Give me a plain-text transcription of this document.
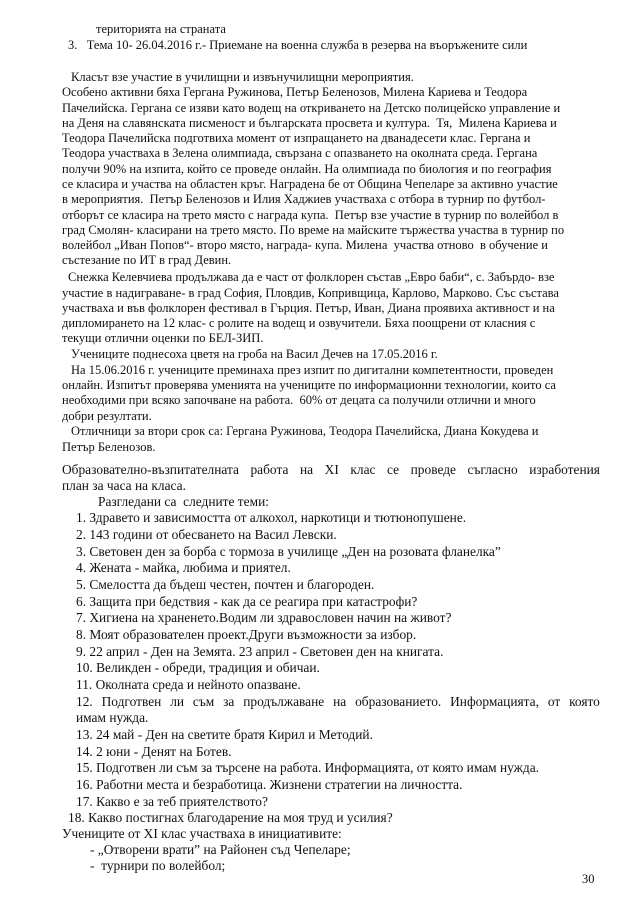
територията на страната
3.   Тема 10- 26.04.2016 г.- Приемане на военна служба в резерва на въоръжените сили
Класът взе участие в училищни и извънучилищни мероприятия.
Особено активни бяха Гергана Ружинова, Петър Беленозов, Милена Кариева и Теодора
Пачелийска. Гергана се изяви като водещ на откриването на Детско полицейско управление и
на Деня на славянската писменост и българската просвета и култура.  Тя,  Милена Кариева и
Теодора Пачелийска подготвиха момент от изпращането на дванадесети клас. Гергана и
Теодора участваха в Зелена олимпиада, свързана с опазването на околната среда. Гергана
получи 90% на изпита, който се проведе онлайн. На олимпиада по биология и по география
се класира и участва на областен кръг. Наградена бе от Община Чепеларе за активно участие
в мероприятия.  Петър Беленозов и Илия Хаджиев участваха с отбора в турнир по футбол-
отборът се класира на трето място с награда купа.  Петър взе участие в турнир по волейбол в
град Смолян- класирани на трето място. По време на майските тържества участва в турнир по
волейбол „Иван Попов“- второ място, награда- купа. Милена  участва отново  в обучение и
състезание по ИТ в град Девин.
Снежка Келевчиева продължава да е част от фолклорен състав „Евро баби“, с. Забърдо- взе
участие в надиграване- в град София, Пловдив, Копривщица, Карлово, Марково. Със състава
участваха и във фолклорен фестивал в Гърция. Петър, Иван, Диана проявиха активност и на
дипломирането на 12 клас- с ролите на водещ и озвучители. Бяха поощрени от класния с
текущи отлични оценки по БЕЛ-ЗИП.
Учениците поднесоха цветя на гроба на Васил Дечев на 17.05.2016 г.
На 15.06.2016 г. учениците преминаха през изпит по дигитални компетентности, проведен
онлайн. Изпитът проверява уменията на учениците по информационни технологии, които са
необходими при всяко започване на работа.  60% от децата са получили отлични и много
добри резултати.
Отличници за втори срок са: Гергана Ружинова, Теодора Пачелийска, Диана Кокудева и
Петър Беленозов.
Образователно-възпитателната работа на XI клас се проведе съгласно изработения
план за часа на класа.
Разгледани са  следните теми:
1. Здравето и зависимостта от алкохол, наркотици и тютюнопушене.
2. 143 години от обесването на Васил Левски.
3. Световен ден за борба с тормоза в училище „Ден на розовата фланелка”
4. Жената - майка, любима и приятел.
5. Смелостта да бъдеш честен, почтен и благороден.
6. Защита при бедствия - как да се реагира при катастрофи?
7. Хигиена на храненето.Водим ли здравословен начин на живот?
8. Моят образователен проект.Други възможности за избор.
9. 22 април - Ден на Земята. 23 април - Световен ден на книгата.
10. Великден - обреди, традиция и обичаи.
11. Околната среда и нейното опазване.
12. Подготвен ли съм за продължаване на образованието. Информацията, от която
имам нужда.
13. 24 май - Ден на светите братя Кирил и Методий.
14. 2 юни - Денят на Ботев.
15. Подготвен ли съм за търсене на работа. Информацията, от която имам нужда.
16. Работни места и безработица. Жизнени стратегии на личността.
17. Какво е за теб приятелството?
18. Какво постигнах благодарение на моя труд и усилия?
Учениците от XI клас участваха в инициативите:
- „Отворени врати” на Районен съд Чепеларе;
-  турнири по волейбол;
30
